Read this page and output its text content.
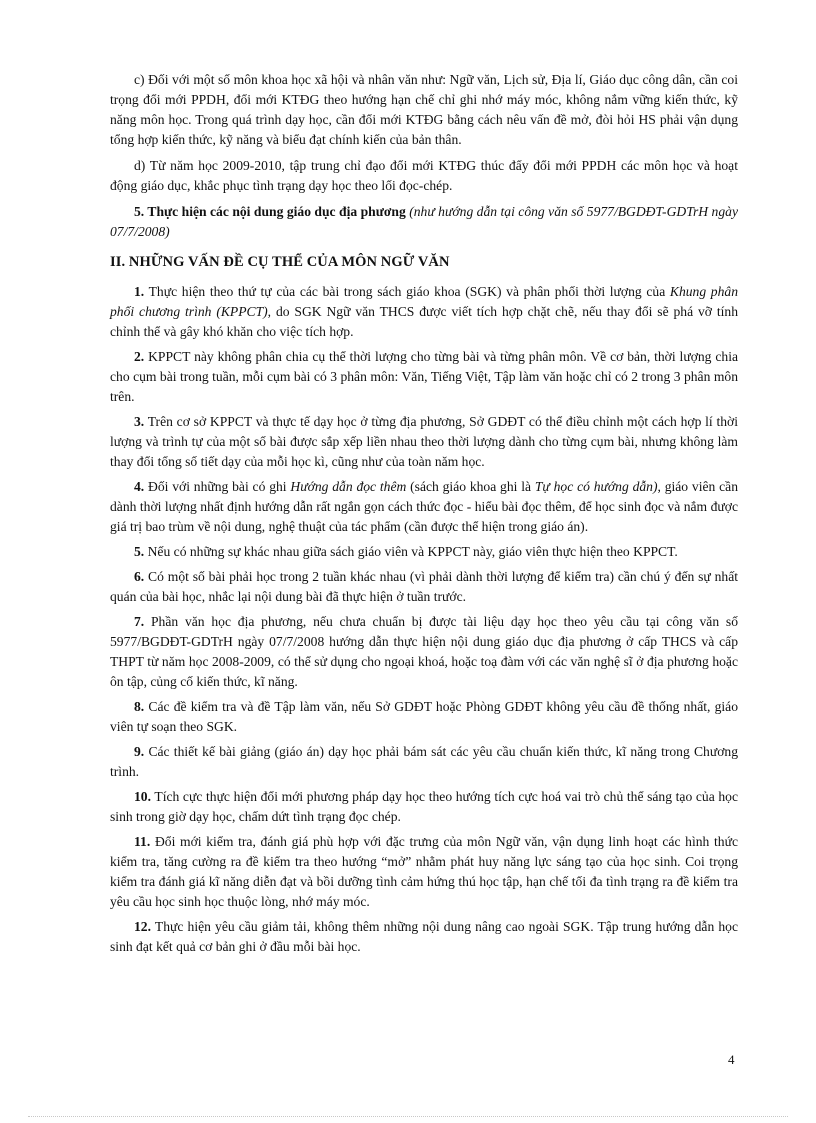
c) Đối với một số môn khoa học xã hội và nhân văn như: Ngữ văn, Lịch sử, Địa lí, Giáo dục công dân, cần coi trọng đổi mới PPDH, đổi mới KTĐG theo hướng hạn chế chỉ ghi nhớ máy móc, không nắm vững kiến thức, kỹ năng môn học. Trong quá trình dạy học, cần đổi mới KTĐG bằng cách nêu vấn đề mở, đòi hỏi HS phải vận dụng tổng hợp kiến thức, kỹ năng và biểu đạt chính kiến của bản thân.

d) Từ năm học 2009-2010, tập trung chỉ đạo đổi mới KTĐG thúc đẩy đổi mới PPDH các môn học và hoạt động giáo dục, khắc phục tình trạng dạy học theo lối đọc-chép.

5. Thực hiện các nội dung giáo dục địa phương (như hướng dẫn tại công văn số 5977/BGDĐT-GDTrH ngày 07/7/2008)

II. NHỮNG VẤN ĐỀ CỤ THỂ CỦA MÔN NGỮ VĂN

1. Thực hiện theo thứ tự của các bài trong sách giáo khoa (SGK) và phân phối thời lượng của Khung phân phối chương trình (KPPCT), do SGK Ngữ văn THCS được viết tích hợp chặt chẽ, nếu thay đổi sẽ phá vỡ tính chỉnh thể và gây khó khăn cho việc tích hợp.

2. KPPCT này không phân chia cụ thể thời lượng cho từng bài và từng phân môn. Về cơ bản, thời lượng chia cho cụm bài trong tuần, mỗi cụm bài có 3 phân môn: Văn, Tiếng Việt, Tập làm văn hoặc chỉ có 2 trong 3 phân môn trên.

3. Trên cơ sở KPPCT và thực tế dạy học ở từng địa phương, Sở GDĐT có thể điều chỉnh một cách hợp lí thời lượng và trình tự của một số bài được sắp xếp liền nhau theo thời lượng dành cho từng cụm bài, nhưng không làm thay đổi tổng số tiết dạy của mỗi học kì, cũng như của toàn năm học.

4. Đối với những bài có ghi Hướng dẫn đọc thêm (sách giáo khoa ghi là Tự học có hướng dẫn), giáo viên cần dành thời lượng nhất định hướng dẫn rất ngắn gọn cách thức đọc - hiểu bài đọc thêm, để học sinh đọc và nắm được giá trị bao trùm về nội dung, nghệ thuật của tác phẩm (cần được thể hiện trong giáo án).

5. Nếu có những sự khác nhau giữa sách giáo viên và KPPCT này, giáo viên thực hiện theo KPPCT.

6. Có một số bài phải học trong 2 tuần khác nhau (vì phải dành thời lượng để kiểm tra) cần chú ý đến sự nhất quán của bài học, nhắc lại nội dung bài đã thực hiện ở tuần trước.

7. Phần văn học địa phương, nếu chưa chuẩn bị được tài liệu dạy học theo yêu cầu tại công văn số 5977/BGDĐT-GDTrH ngày 07/7/2008 hướng dẫn thực hiện nội dung giáo dục địa phương ở cấp THCS và cấp THPT từ năm học 2008-2009, có thể sử dụng cho ngoại khoá, hoặc toạ đàm với các văn nghệ sĩ ở địa phương hoặc ôn tập, củng cố kiến thức, kĩ năng.

8. Các đề kiểm tra và đề Tập làm văn, nếu Sở GDĐT hoặc Phòng GDĐT không yêu cầu đề thống nhất, giáo viên tự soạn theo SGK.

9. Các thiết kế bài giảng (giáo án) dạy học phải bám sát các yêu cầu chuẩn kiến thức, kĩ năng trong Chương trình.

10. Tích cực thực hiện đổi mới phương pháp dạy học theo hướng tích cực hoá vai trò chủ thể sáng tạo của học sinh trong giờ dạy học, chấm dứt tình trạng đọc chép.

11. Đổi mới kiểm tra, đánh giá phù hợp với đặc trưng của môn Ngữ văn, vận dụng linh hoạt các hình thức kiểm tra, tăng cường ra đề kiểm tra theo hướng “mở” nhằm phát huy năng lực sáng tạo của học sinh. Coi trọng kiểm tra đánh giá kĩ năng diễn đạt và bồi dưỡng tình cảm hứng thú học tập, hạn chế tối đa tình trạng ra đề kiểm tra yêu cầu học sinh học thuộc lòng, nhớ máy móc.

12. Thực hiện yêu cầu giảm tải, không thêm những nội dung nâng cao ngoài SGK. Tập trung hướng dẫn học sinh đạt kết quả cơ bản ghi ở đầu mỗi bài học.

4
